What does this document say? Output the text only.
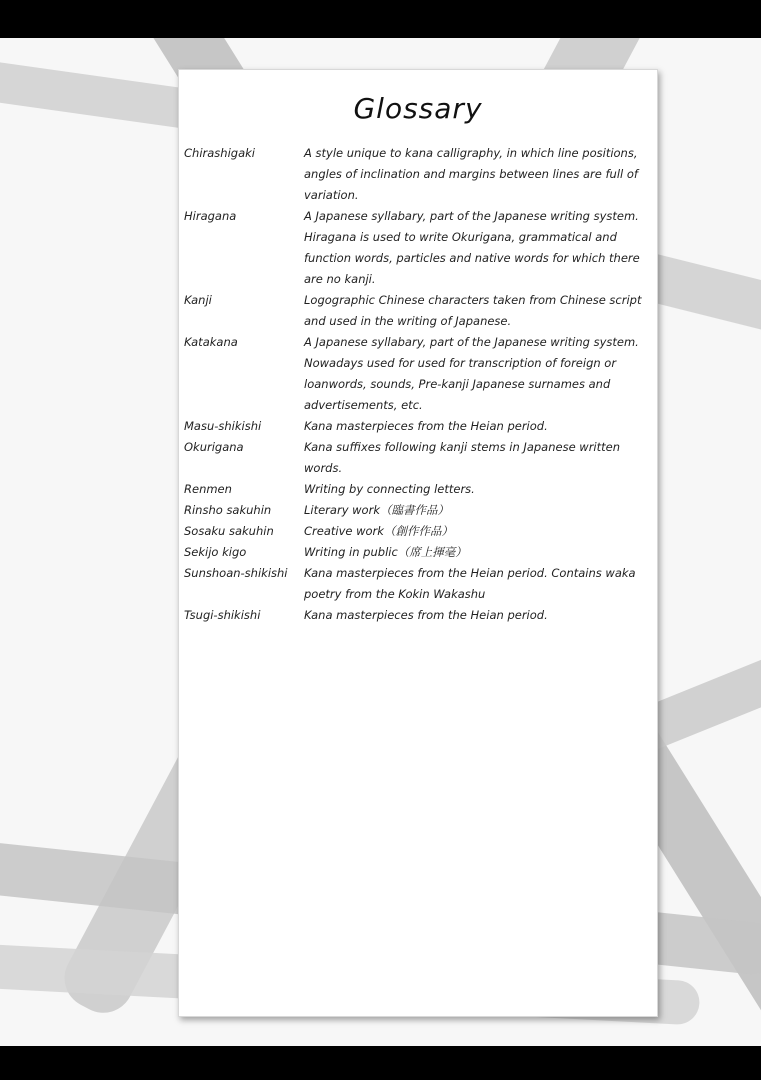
Glossary
Chirashigaki	A style unique to kana calligraphy, in which line positions, angles of inclination and margins between lines are full of variation.
Hiragana	A Japanese syllabary, part of the Japanese writing system. Hiragana is used to write Okurigana, grammatical and function words, particles and native words for which there are no kanji.
Kanji	Logographic Chinese characters taken from Chinese script and used in the writing of Japanese.
Katakana	A Japanese syllabary, part of the Japanese writing system. Nowadays used for used for transcription of foreign or loanwords, sounds, Pre-kanji Japanese surnames and advertisements, etc.
Masu-shikishi	Kana masterpieces from the Heian period.
Okurigana	Kana suffixes following kanji stems in Japanese written words.
Renmen	Writing by connecting letters.
Rinsho sakuhin	Literary work（臨書作品）
Sosaku sakuhin	Creative work（創作作品）
Sekijo kigo	Writing in public（席上揮毫）
Sunshoan-shikishi	Kana masterpieces from the Heian period. Contains waka poetry from the Kokin Wakashu
Tsugi-shikishi	Kana masterpieces from the Heian period.
